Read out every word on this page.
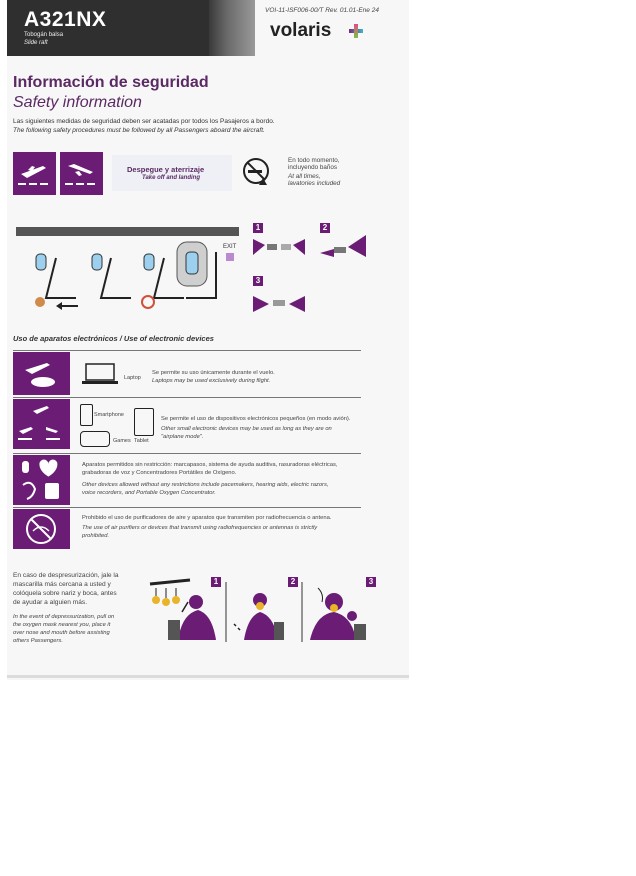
A321NX
Tobogán balsa
Slide raft
VOI-11-ISF006-00/T Rev. 01.01-Ene 24
volaris
Información de seguridad
Safety information
Las siguientes medidas de seguridad deben ser acatadas por todos los Pasajeros a bordo.
The following safety procedures must be followed by all Passengers aboard the aircraft.
Despegue y aterrizaje
Take off and landing
En todo momento,
incluyendo baños
At all times,
lavatories included
EXIT
1	2
3
Uso de aparatos electrónicos / Use of electronic devices
Laptop
Se permite su uso únicamente durante el vuelo.
Laptops may be used exclusively during flight.
Smartphone
Games Tablet
Se permite el uso de dispositivos electrónicos pequeños (en modo avión).
Other small electronic devices may be used as long as they are on
"airplane mode".
Aparatos permitidos sin restricción: marcapasos, sistema de ayuda auditiva, rasuradoras eléctricas,
grabadoras de voz y Concentradores Portátiles de Oxígeno.
Other devices allowed without any restrictions include pacemakers, hearing aids, electric razors,
voice recorders, and Portable Oxygen Concentrator.
Prohibido el uso de purificadores de aire y aparatos que transmiten por radiofrecuencia o antena.
The use of air purifiers or devices that transmit using radiofrequencies or antennas is strictly
prohibited.
En caso de despresurización, jale la
mascarilla más cercana a usted y
colóquela sobre nariz y boca, antes
de ayudar a alguien más.
In the event of depressurization, pull on
the oxygen mask nearest you, place it
over nose and mouth before assisting
others Passengers.
1	2	3
